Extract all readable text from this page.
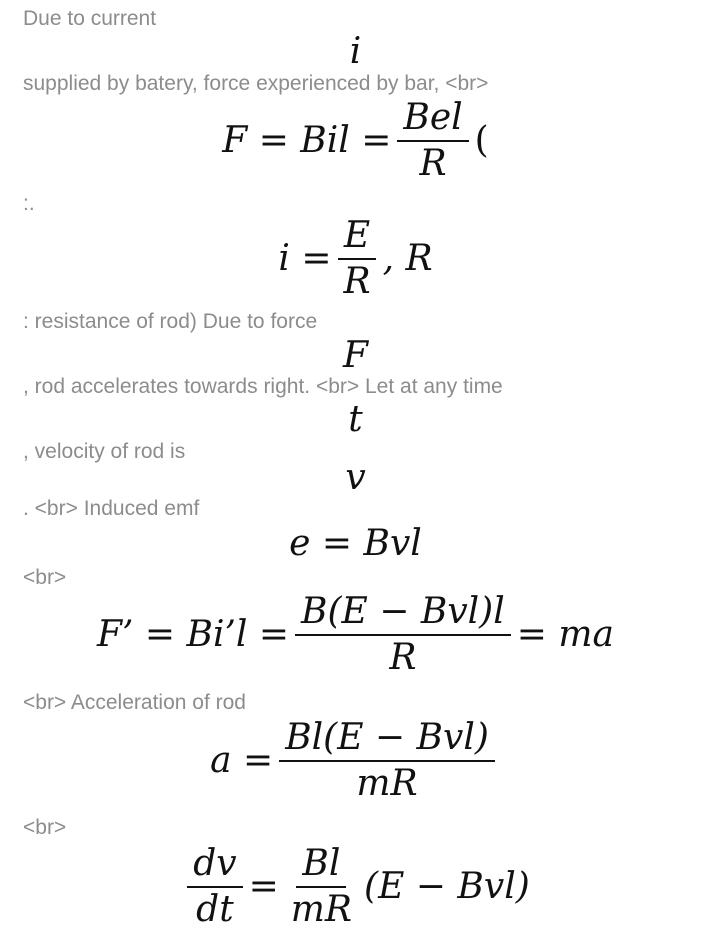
Due to current
i
supplied by batery, force experienced by bar, <br>
F = Bil = $\frac{\text{Bel}}{R}$ (
:.
$i = \frac{E}{R}$ , R
: resistance of rod) Due to force
F
, rod accelerates towards right. <br> Let at any time
t
, velocity of rod is
v
. <br> Induced emf
e = Bvl
<br>
F’ = Bi’l = $\frac{\text{B(E − Bvl)l}}{R}$ = ma
<br> Acceleration of rod
$a = \frac{\text{Bl(E − Bvl)}}{mR}$
<br>
$\frac{dv}{dt} = \frac{Bl}{mR} (E - Bvl)$
